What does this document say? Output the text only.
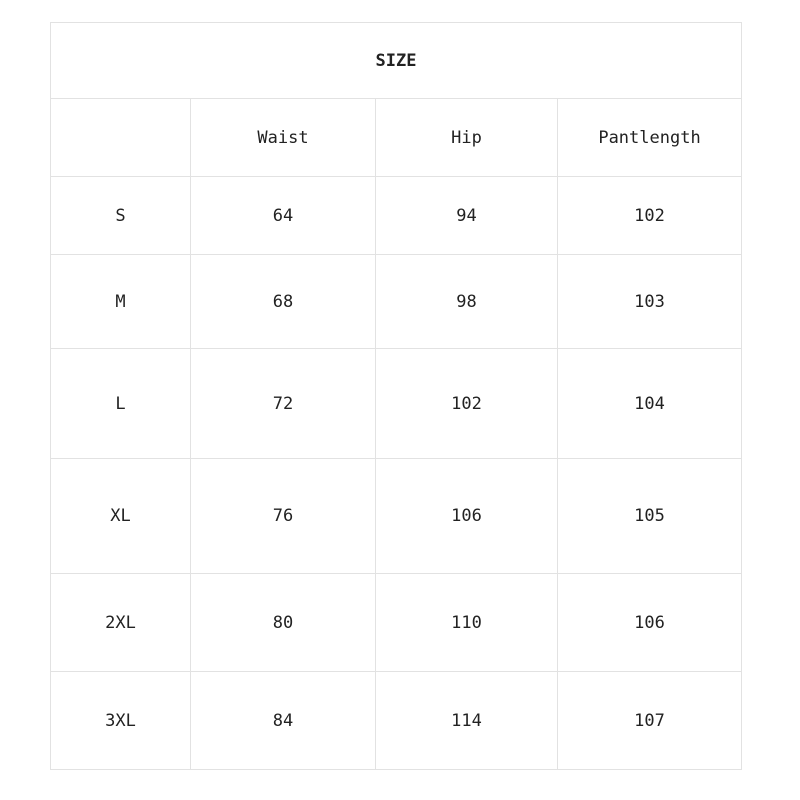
SIZE			
	Waist	Hip	Pantlength
S	64	94	102
M	68	98	103
L	72	102	104
XL	76	106	105
2XL	80	110	106
3XL	84	114	107
